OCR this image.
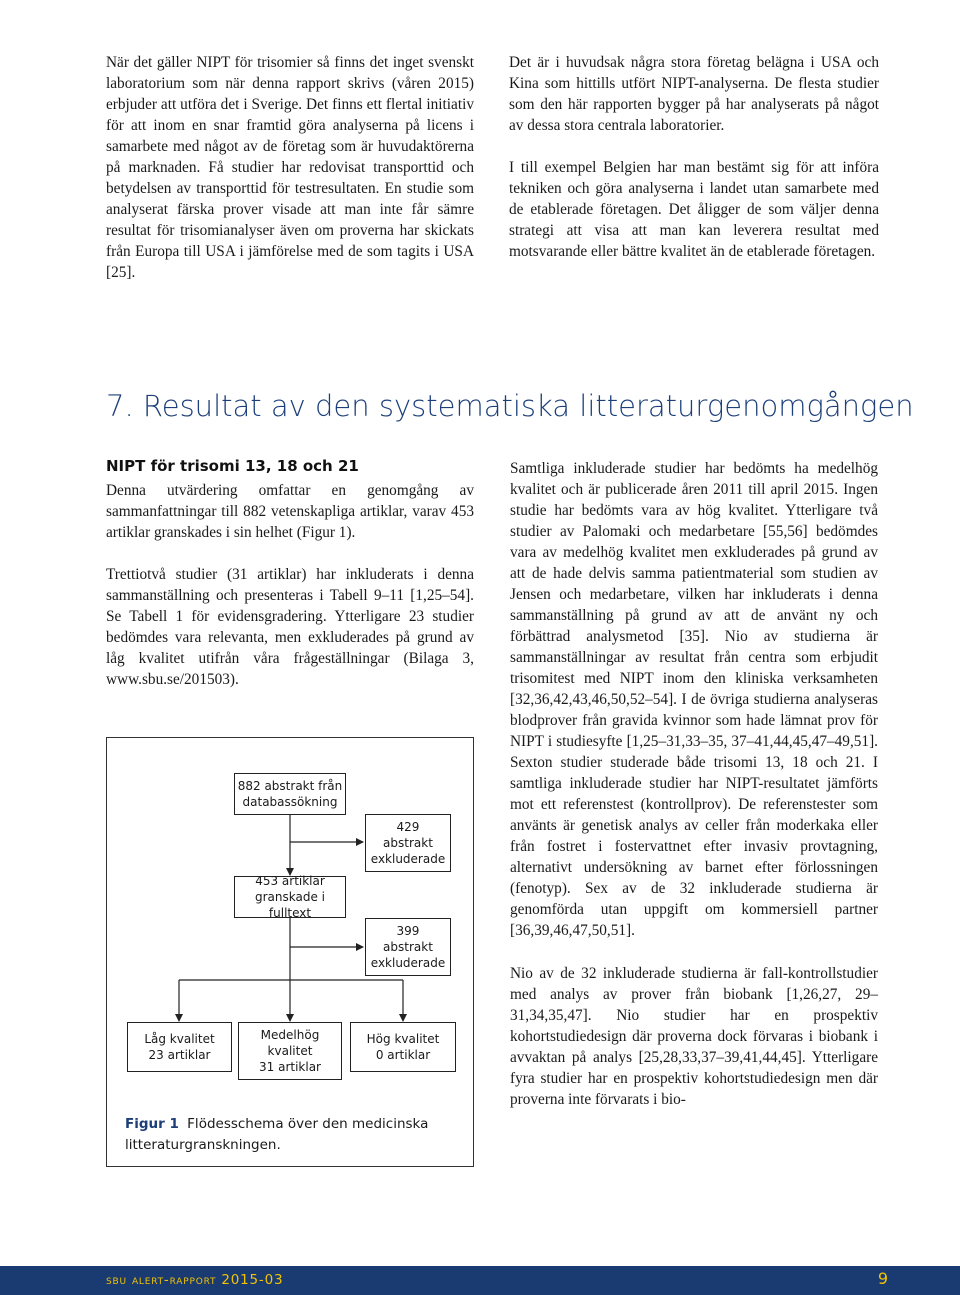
När det gäller NIPT för trisomier så finns det inget svenskt laboratorium som när denna rapport skrivs (våren 2015) erbjuder att utföra det i Sverige. Det finns ett flertal initiativ för att inom en snar framtid göra analyserna på licens i samarbete med något av de företag som är huvudaktörerna på marknaden. Få studier har redovisat transporttid och betydelsen av transporttid för testresultaten. En studie som analyserat färska prover visade att man inte får sämre resultat för trisomianalyser även om proverna har skickats från Europa till USA i jämförelse med de som tagits i USA [25].

Det är i huvudsak några stora företag belägna i USA och Kina som hittills utfört NIPT-analyserna. De flesta studier som den här rapporten bygger på har analyserats på något av dessa stora centrala laboratorier.

I till exempel Belgien har man bestämt sig för att införa tekniken och göra analyserna i landet utan samarbete med de etablerade företagen. Det åligger de som väljer denna strategi att visa att man kan leverera resultat med motsvarande eller bättre kvalitet än de etablerade företagen.

7. Resultat av den systematiska litteraturgenomgången
NIPT för trisomi 13, 18 och 21

Denna utvärdering omfattar en genomgång av sammanfattningar till 882 vetenskapliga artiklar, varav 453 artiklar granskades i sin helhet (Figur 1).

Trettiotvå studier (31 artiklar) har inkluderats i denna sammanställning och presenteras i Tabell 9–11 [1,25–54]. Se Tabell 1 för evidensgradering. Ytterligare 23 studier bedömdes vara relevanta, men exkluderades på grund av låg kvalitet utifrån våra frågeställningar (Bilaga 3, www.sbu.se/201503).

Samtliga inkluderade studier har bedömts ha medelhög kvalitet och är publicerade åren 2011 till april 2015. Ingen studie har bedömts vara av hög kvalitet. Ytterligare två studier av Palomaki och medarbetare [55,56] bedömdes vara av medelhög kvalitet men exkluderades på grund av att de hade delvis samma patientmaterial som studien av Jensen och medarbetare, vilken har inkluderats i denna sammanställning på grund av att de använt ny och förbättrad analysmetod [35]. Nio av studierna är sammanställningar av resultat från centra som erbjudit trisomitest med NIPT inom den kliniska verksamheten [32,36,42,43,46,50,52–54]. I de övriga studierna analyseras blodprover från gravida kvinnor som hade lämnat prov för NIPT i studiesyfte [1,25–31,33–35, 37–41,44,45,47–49,51]. Sexton studier studerade både trisomi 13, 18 och 21. I samtliga inkluderade studier har NIPT-resultatet jämförts mot ett referenstest (kontrollprov). De referenstester som använts är genetisk analys av celler från moderkaka eller från fostret i fostervattnet efter invasiv provtagning, alternativt undersökning av barnet efter förlossningen (fenotyp). Sex av de 32 inkluderade studierna är genomförda utan uppgift om kommersiell partner [36,39,46,47,50,51].

Nio av de 32 inkluderade studierna är fall-kontrollstudier med analys av prover från biobank [1,26,27, 29–31,34,35,47]. Nio studier har en prospektiv kohortstudiedesign där proverna dock förvaras i biobank i avvaktan på analys [25,28,33,37–39,41,44,45]. Ytterligare fyra studier har en prospektiv kohortstudiedesign men där proverna inte förvarats i bio-

882 abstrakt från
databassökning
429
abstrakt
exkluderade
453 artiklar
granskade i fulltext
399
abstrakt
exkluderade
Låg kvalitet
23 artiklar
Medelhög
kvalitet
31 artiklar
Hög kvalitet
0 artiklar
Figur 1 Flödesschema över den medicinska litteraturgranskningen.
sbu alert-rapport 2015-03	9
